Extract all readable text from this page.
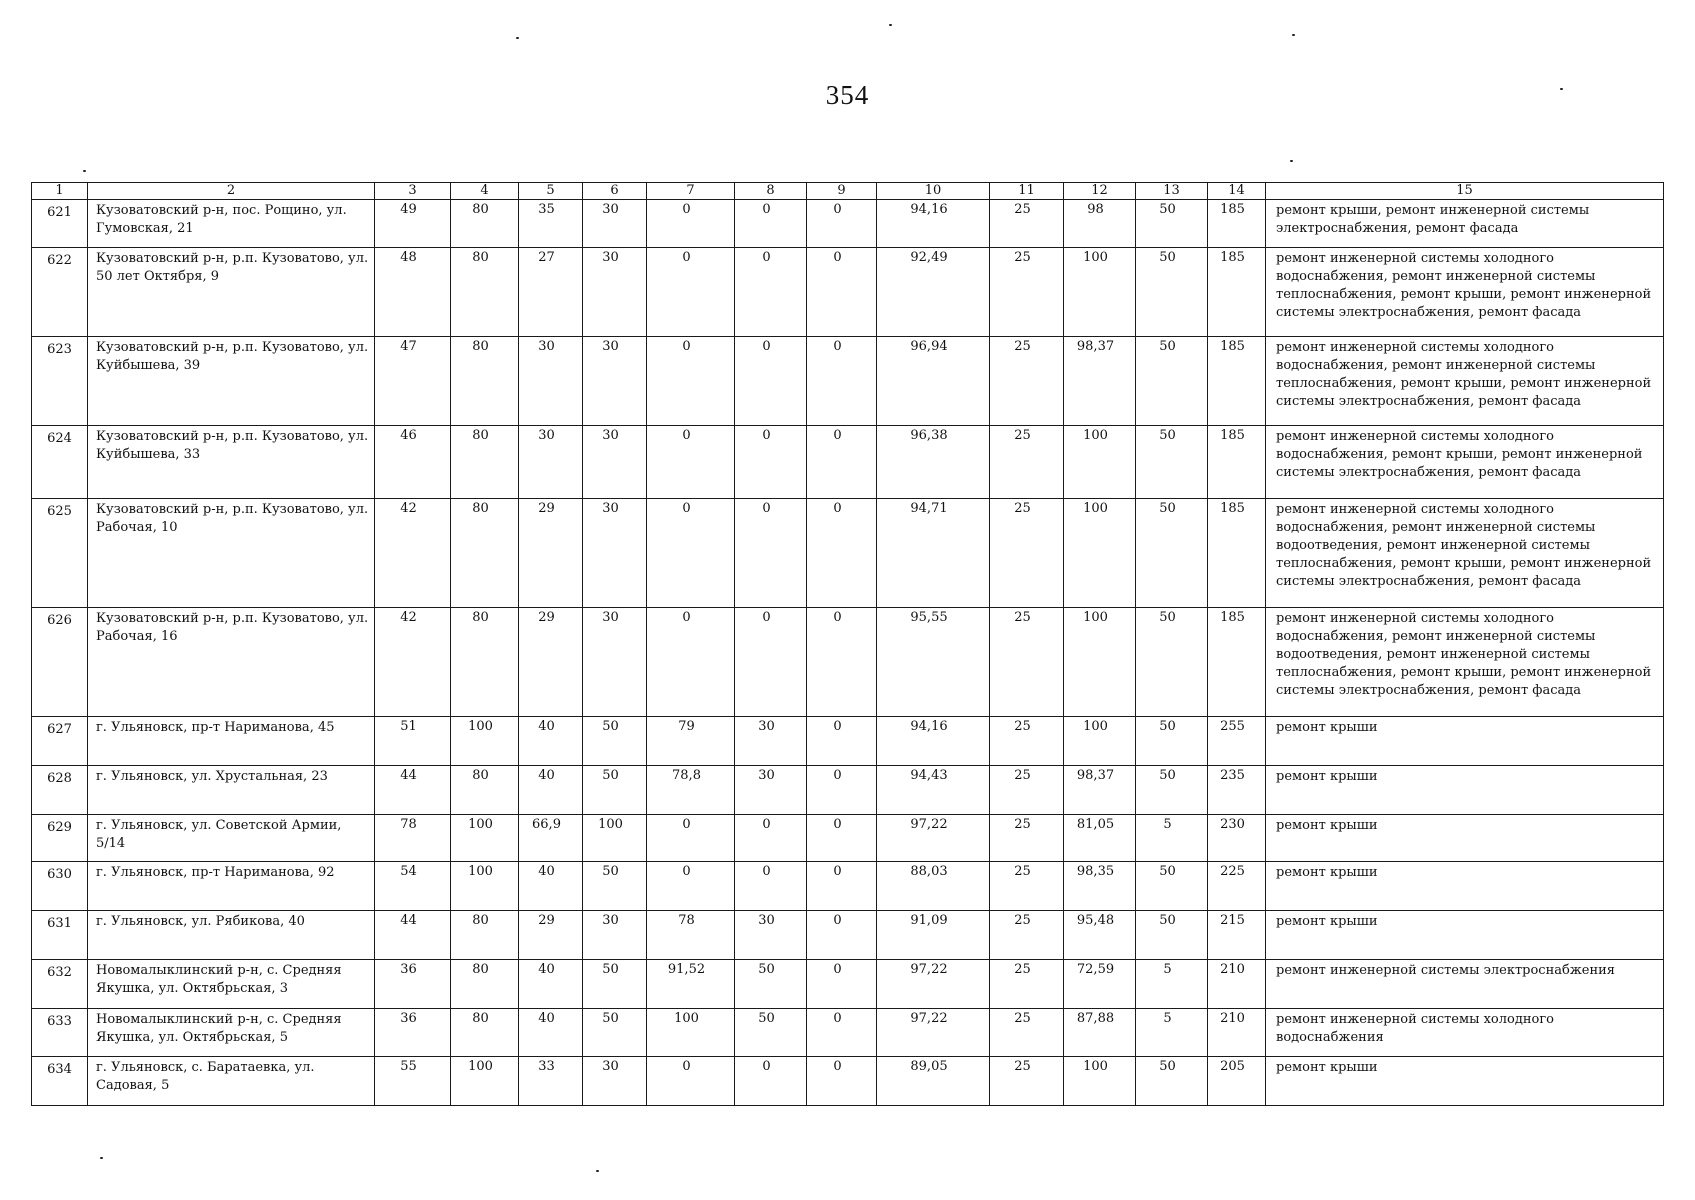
354
1	2	3	4	5	6	7	8	9	10	11	12	13	14	15
621	Кузоватовский р-н, пос. Рощино, ул. Гумовская, 21	49	80	35	30	0	0	0	94,16	25	98	50	185	ремонт крыши, ремонт инженерной системы электроснабжения, ремонт фасада
622	Кузоватовский р-н, р.п. Кузоватово, ул. 50 лет Октября, 9	48	80	27	30	0	0	0	92,49	25	100	50	185	ремонт инженерной системы холодного водоснабжения, ремонт инженерной системы теплоснабжения, ремонт крыши, ремонт инженерной системы электроснабжения, ремонт фасада
623	Кузоватовский р-н, р.п. Кузоватово, ул. Куйбышева, 39	47	80	30	30	0	0	0	96,94	25	98,37	50	185	ремонт инженерной системы холодного водоснабжения, ремонт инженерной системы теплоснабжения, ремонт крыши, ремонт инженерной системы электроснабжения, ремонт фасада
624	Кузоватовский р-н, р.п. Кузоватово, ул. Куйбышева, 33	46	80	30	30	0	0	0	96,38	25	100	50	185	ремонт инженерной системы холодного водоснабжения, ремонт крыши, ремонт инженерной системы электроснабжения, ремонт фасада
625	Кузоватовский р-н, р.п. Кузоватово, ул. Рабочая, 10	42	80	29	30	0	0	0	94,71	25	100	50	185	ремонт инженерной системы холодного водоснабжения, ремонт инженерной системы водоотведения, ремонт инженерной системы теплоснабжения, ремонт крыши, ремонт инженерной системы электроснабжения, ремонт фасада
626	Кузоватовский р-н, р.п. Кузоватово, ул. Рабочая, 16	42	80	29	30	0	0	0	95,55	25	100	50	185	ремонт инженерной системы холодного водоснабжения, ремонт инженерной системы водоотведения, ремонт инженерной системы теплоснабжения, ремонт крыши, ремонт инженерной системы электроснабжения, ремонт фасада
627	г. Ульяновск, пр-т Нариманова, 45	51	100	40	50	79	30	0	94,16	25	100	50	255	ремонт крыши
628	г. Ульяновск, ул. Хрустальная, 23	44	80	40	50	78,8	30	0	94,43	25	98,37	50	235	ремонт крыши
629	г. Ульяновск, ул. Советской Армии, 5/14	78	100	66,9	100	0	0	0	97,22	25	81,05	5	230	ремонт крыши
630	г. Ульяновск, пр-т Нариманова, 92	54	100	40	50	0	0	0	88,03	25	98,35	50	225	ремонт крыши
631	г. Ульяновск, ул. Рябикова, 40	44	80	29	30	78	30	0	91,09	25	95,48	50	215	ремонт крыши
632	Новомалыклинский р-н, с. Средняя Якушка, ул. Октябрьская, 3	36	80	40	50	91,52	50	0	97,22	25	72,59	5	210	ремонт инженерной системы электроснабжения
633	Новомалыклинский р-н, с. Средняя Якушка, ул. Октябрьская, 5	36	80	40	50	100	50	0	97,22	25	87,88	5	210	ремонт инженерной системы холодного водоснабжения
634	г. Ульяновск, с. Баратаевка, ул. Садовая, 5	55	100	33	30	0	0	0	89,05	25	100	50	205	ремонт крыши
